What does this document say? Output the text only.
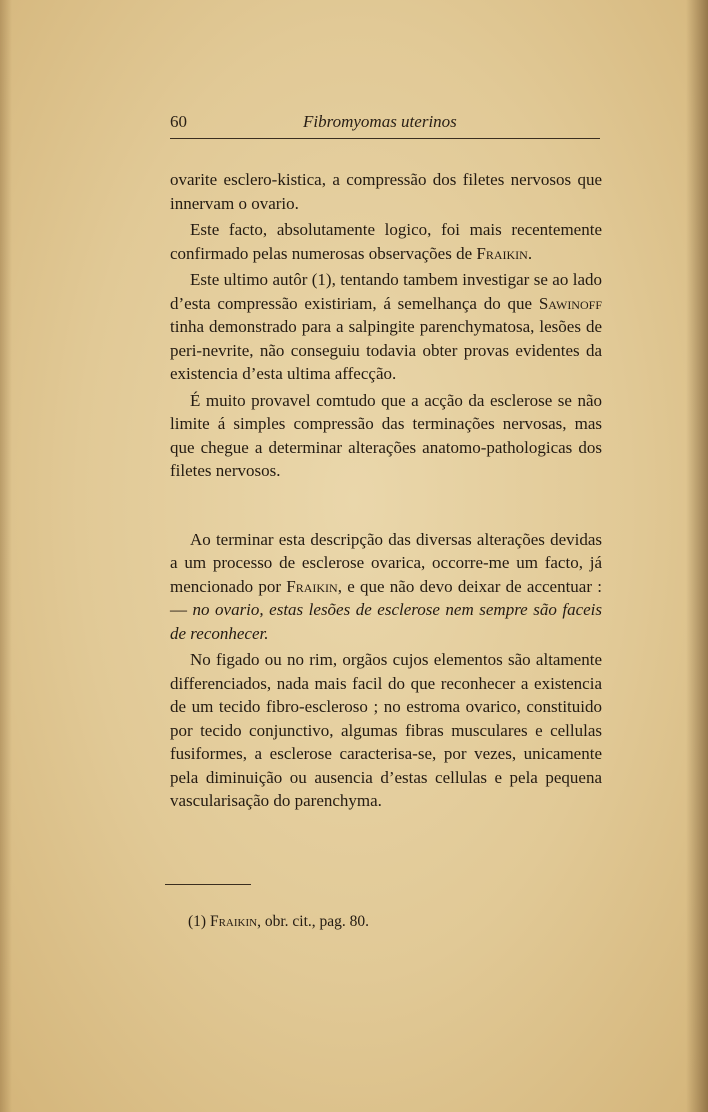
60	Fibromyomas uterinos

ovarite esclero-kistica, a compressão dos filetes nervosos que innervam o ovario.

Este facto, absolutamente logico, foi mais recentemente confirmado pelas numerosas observações de Fraikin.

Este ultimo autôr (1), tentando tambem investigar se ao lado d’esta compressão existiriam, á semelhança do que Sawinoff tinha demonstrado para a salpingite parenchymatosa, lesões de peri-nevrite, não conseguiu todavia obter provas evidentes da existencia d’esta ultima affecção.

É muito provavel comtudo que a acção da esclerose se não limite á simples compressão das terminações nervosas, mas que chegue a determinar alterações anatomo-pathologicas dos filetes nervosos.

Ao terminar esta descripção das diversas alterações devidas a um processo de esclerose ovarica, occorre-me um facto, já mencionado por Fraikin, e que não devo deixar de accentuar : — no ovario, estas lesões de esclerose nem sempre são faceis de reconhecer.

No figado ou no rim, orgãos cujos elementos são altamente differenciados, nada mais facil do que reconhecer a existencia de um tecido fibro-escleroso ; no estroma ovarico, constituido por tecido conjunctivo, algumas fibras musculares e cellulas fusiformes, a esclerose caracterisa-se, por vezes, unicamente pela diminuição ou ausencia d’estas cellulas e pela pequena vascularisação do parenchyma.

(1) Fraikin, obr. cit., pag. 80.
